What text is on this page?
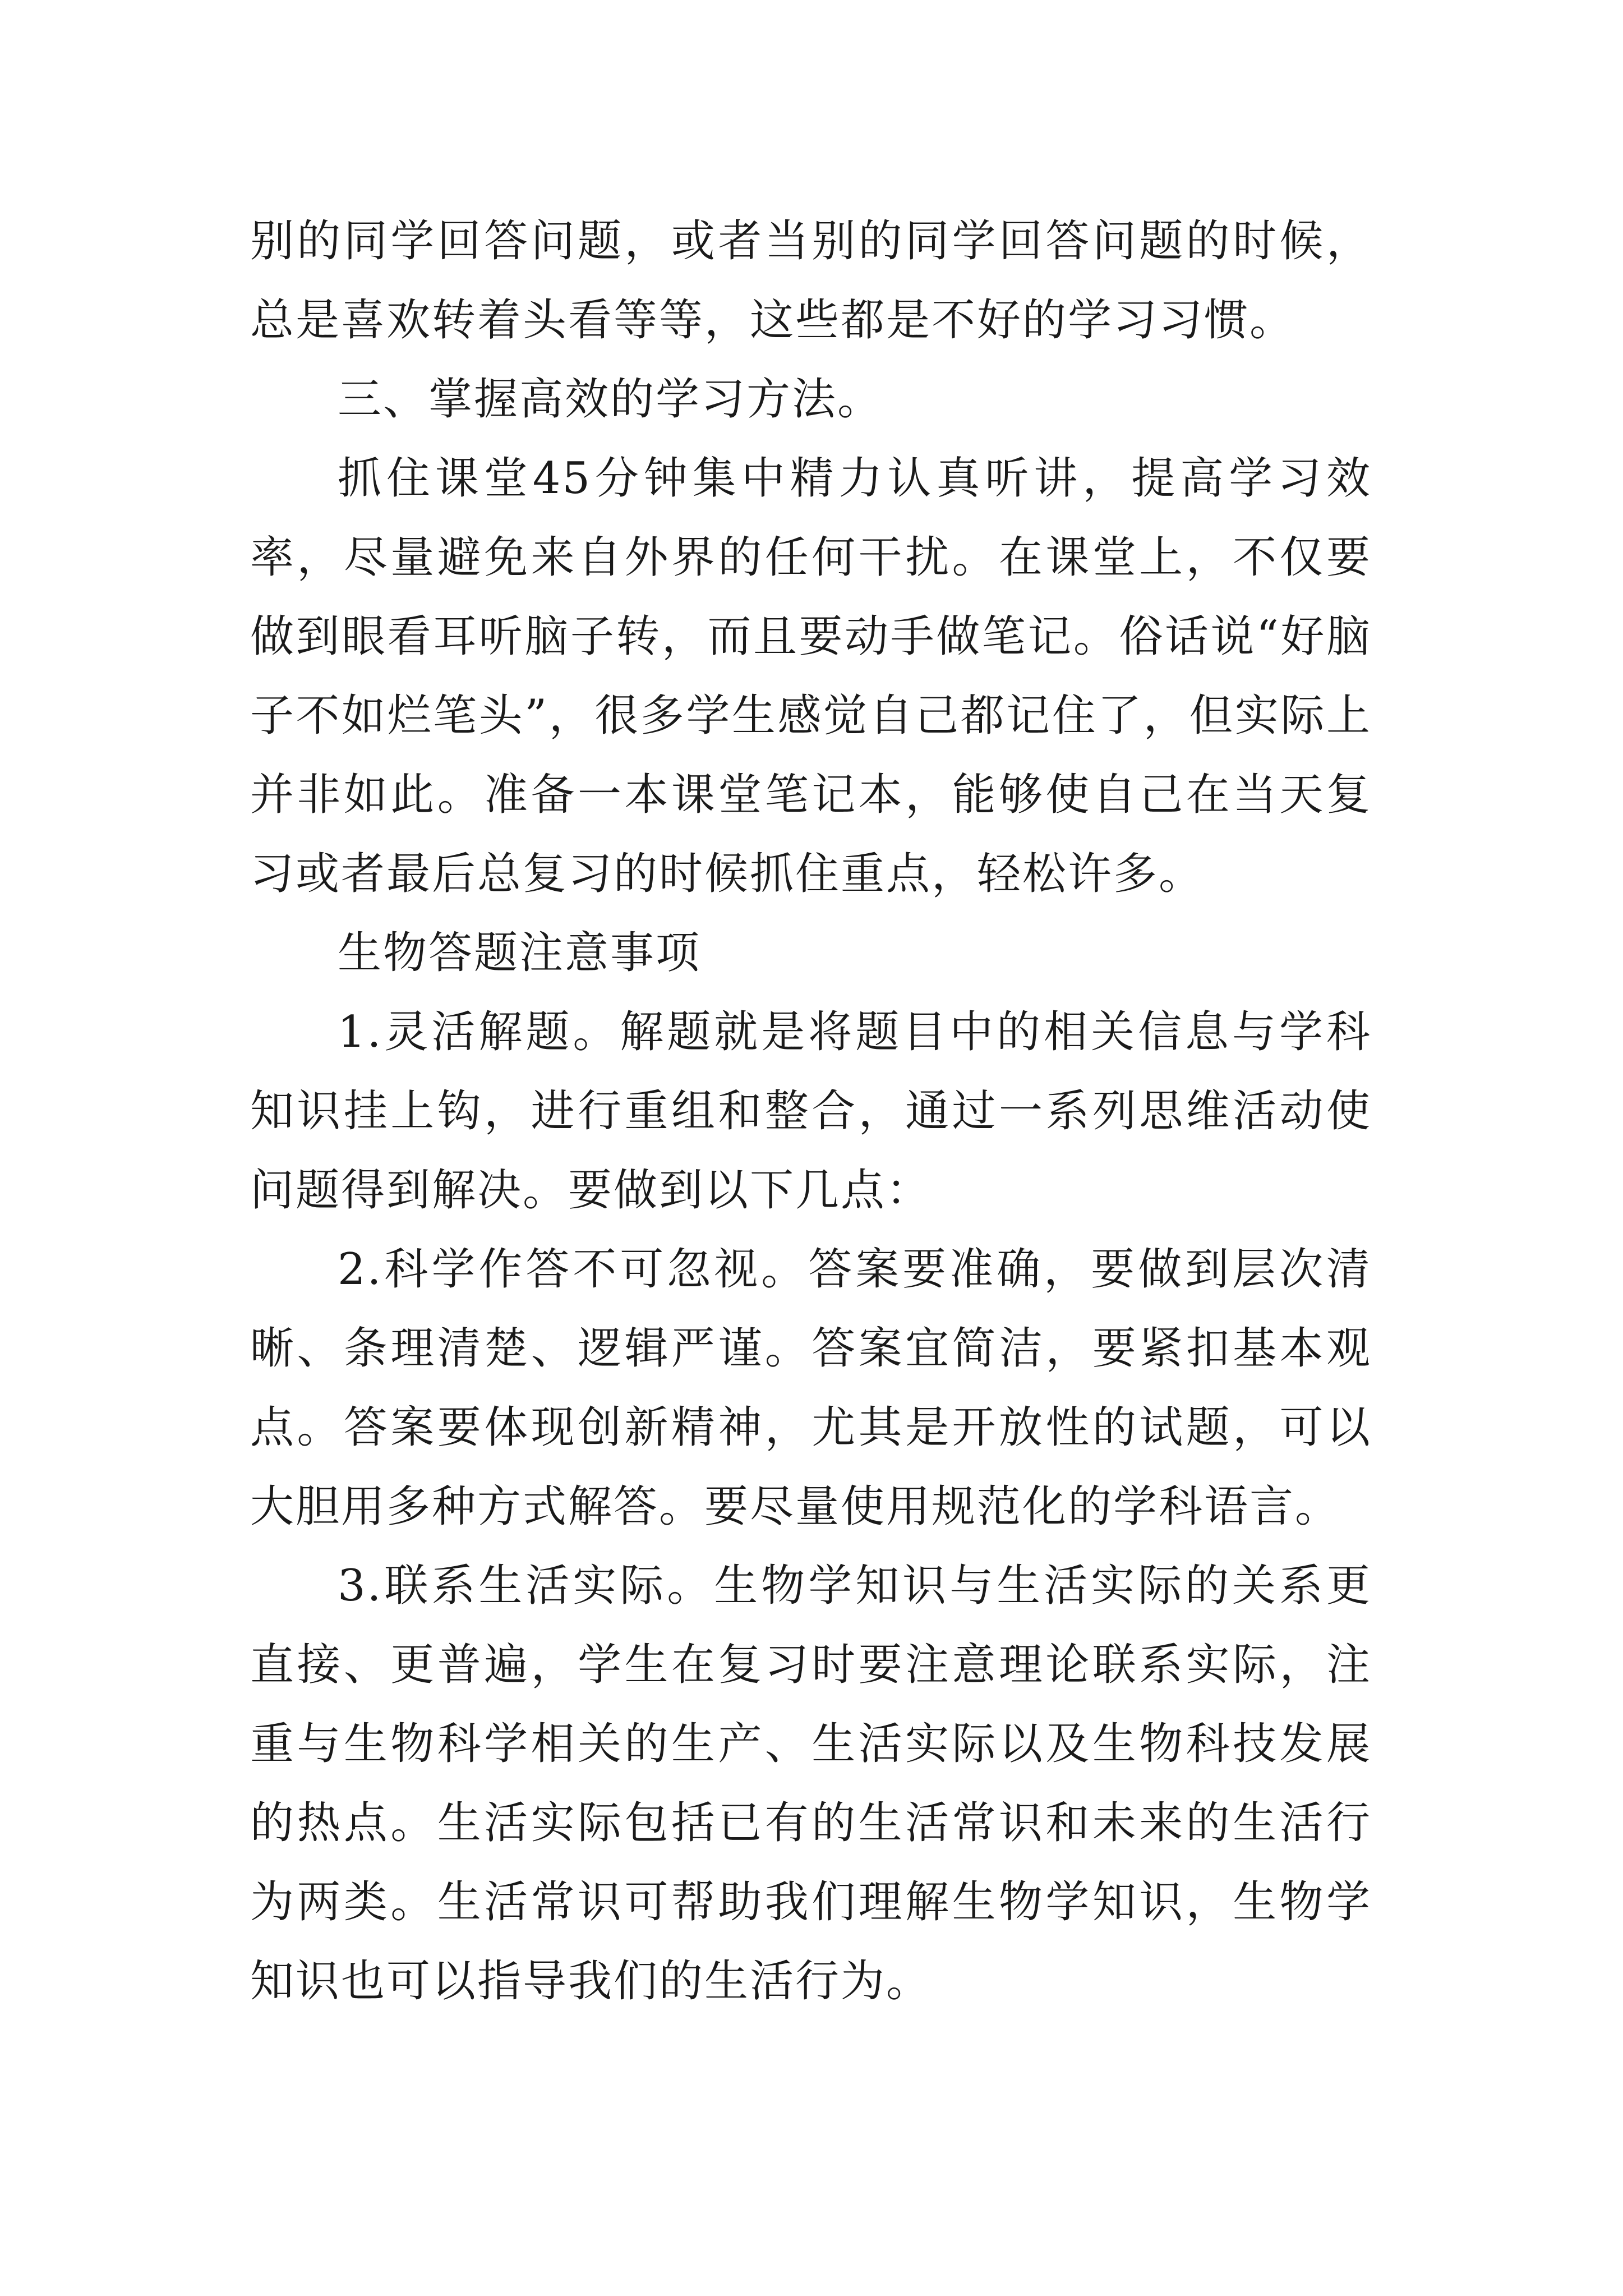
别的同学回答问题，或者当别的同学回答问题的时候，总是喜欢转着头看等等，这些都是不好的学习习惯。

三、掌握高效的学习方法。

抓住课堂45分钟集中精力认真听讲，提高学习效率，尽量避免来自外界的任何干扰。在课堂上，不仅要做到眼看耳听脑子转，而且要动手做笔记。俗话说“好脑子不如烂笔头”，很多学生感觉自己都记住了，但实际上并非如此。准备一本课堂笔记本，能够使自己在当天复习或者最后总复习的时候抓住重点，轻松许多。

生物答题注意事项

1.灵活解题。解题就是将题目中的相关信息与学科知识挂上钩，进行重组和整合，通过一系列思维活动使问题得到解决。要做到以下几点：

2.科学作答不可忽视。答案要准确，要做到层次清晰、条理清楚、逻辑严谨。答案宜简洁，要紧扣基本观点。答案要体现创新精神，尤其是开放性的试题，可以大胆用多种方式解答。要尽量使用规范化的学科语言。

3.联系生活实际。生物学知识与生活实际的关系更直接、更普遍，学生在复习时要注意理论联系实际，注重与生物科学相关的生产、生活实际以及生物科技发展的热点。生活实际包括已有的生活常识和未来的生活行为两类。生活常识可帮助我们理解生物学知识，生物学知识也可以指导我们的生活行为。
